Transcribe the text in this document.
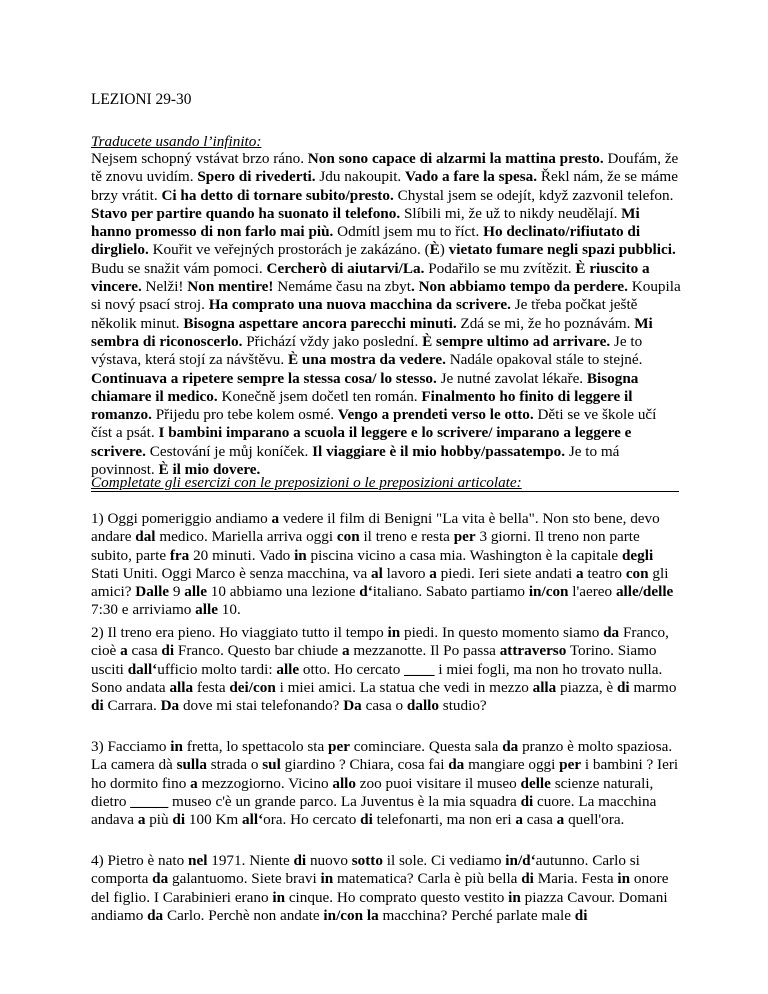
LEZIONI 29-30
Traducete usando l’infinito:

Nejsem schopný vstávat brzo ráno. Non sono capace di alzarmi la mattina presto. Doufám, že tě znovu uvidím. Spero di rivederti. Jdu nakoupit. Vado a fare la spesa. Řekl nám, že se máme brzy vrátit. Ci ha detto di tornare subito/presto. Chystal jsem se odejít, když zazvonil telefon. Stavo per partire quando ha suonato il telefono. Slíbili mi, že už to nikdy neudělají. Mi hanno promesso di non farlo mai più. Odmítl jsem mu to říct. Ho declinato/rifiutato di dirglielo. Kouřit ve veřejných prostorách je zakázáno. (È) vietato fumare negli spazi pubblici. Budu se snažit vám pomoci. Cercherò di aiutarvi/La. Podařilo se mu zvítězit. È riuscito a vincere. Nelži! Non mentire! Nemáme času na zbyt. Non abbiamo tempo da perdere. Koupila si nový psací stroj. Ha comprato una nuova macchina da scrivere. Je třeba počkat ještě několik minut. Bisogna aspettare ancora parecchi minuti. Zdá se mi, že ho poznávám. Mi sembra di riconoscerlo. Přichází vždy jako poslední. È sempre ultimo ad arrivare. Je to výstava, která stojí za návštěvu. È una mostra da vedere. Nadále opakoval stále to stejné. Continuava a ripetere sempre la stessa cosa/ lo stesso. Je nutné zavolat lékaře. Bisogna chiamare il medico. Konečně jsem dočetl ten román. Finalmento ho finito di leggere il romanzo. Přijedu pro tebe kolem osmé. Vengo a prendeti verso le otto. Děti se ve škole učí číst a psát. I bambini imparano a scuola il leggere e lo scrivere/ imparano a leggere e scrivere. Cestování je můj koníček. Il viaggiare è il mio hobby/passatempo. Je to má povinnost. È il mio dovere.

Completate gli esercizi con le preposizioni o le preposizioni articolate:

1) Oggi pomeriggio andiamo a vedere il film di Benigni "La vita è bella". Non sto bene, devo andare dal medico. Mariella arriva oggi con il treno e resta per 3 giorni. Il treno non parte subito, parte fra 20 minuti. Vado in piscina vicino a casa mia. Washington è la capitale degli Stati Uniti. Oggi Marco è senza macchina, va al lavoro a piedi. Ieri siete andati a teatro con gli amici? Dalle 9 alle 10 abbiamo una lezione d‘italiano. Sabato partiamo in/con l'aereo alle/delle 7:30 e arriviamo alle 10.

2) Il treno era pieno. Ho viaggiato tutto il tempo in piedi. In questo momento siamo da Franco, cioè a casa di Franco. Questo bar chiude a mezzanotte. Il Po passa attraverso Torino. Siamo usciti dall‘ufficio molto tardi: alle otto. Ho cercato ____ i miei fogli, ma non ho trovato nulla. Sono andata alla festa dei/con i miei amici. La statua che vedi in mezzo alla piazza, è di marmo di Carrara. Da dove mi stai telefonando? Da casa o dallo studio?

3) Facciamo in fretta, lo spettacolo sta per cominciare. Questa sala da pranzo è molto spaziosa. La camera dà sulla strada o sul giardino ? Chiara, cosa fai da mangiare oggi per i bambini ? Ieri ho dormito fino a mezzogiorno. Vicino allo zoo puoi visitare il museo delle scienze naturali, dietro _____ museo c'è un grande parco. La Juventus è la mia squadra di cuore. La macchina andava a più di 100 Km all‘ora. Ho cercato di telefonarti, ma non eri a casa a quell'ora.

4) Pietro è nato nel 1971. Niente di nuovo sotto il sole. Ci vediamo in/d‘autunno. Carlo si comporta da galantuomo. Siete bravi in matematica? Carla è più bella di Maria. Festa in onore del figlio. I Carabinieri erano in cinque. Ho comprato questo vestito in piazza Cavour. Domani andiamo da Carlo. Perchè non andate in/con la macchina? Perché parlate male di
